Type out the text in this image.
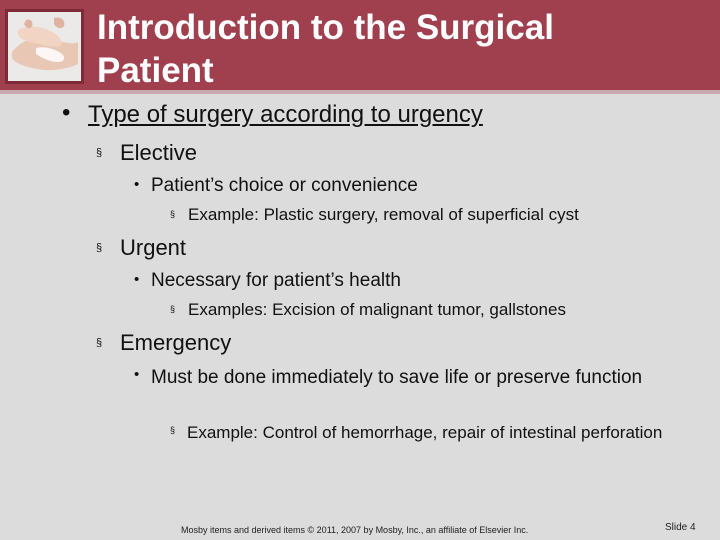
Introduction to the Surgical Patient
• Type of surgery according to urgency
§ Elective
• Patient’s choice or convenience
§ Example: Plastic surgery, removal of superficial cyst
§ Urgent
• Necessary for patient’s health
§ Examples: Excision of malignant tumor, gallstones
§ Emergency
• Must be done immediately to save life or preserve function
§ Example: Control of hemorrhage, repair of intestinal perforation
Mosby items and derived items © 2011, 2007 by Mosby, Inc., an affiliate of Elsevier Inc.	Slide 4
